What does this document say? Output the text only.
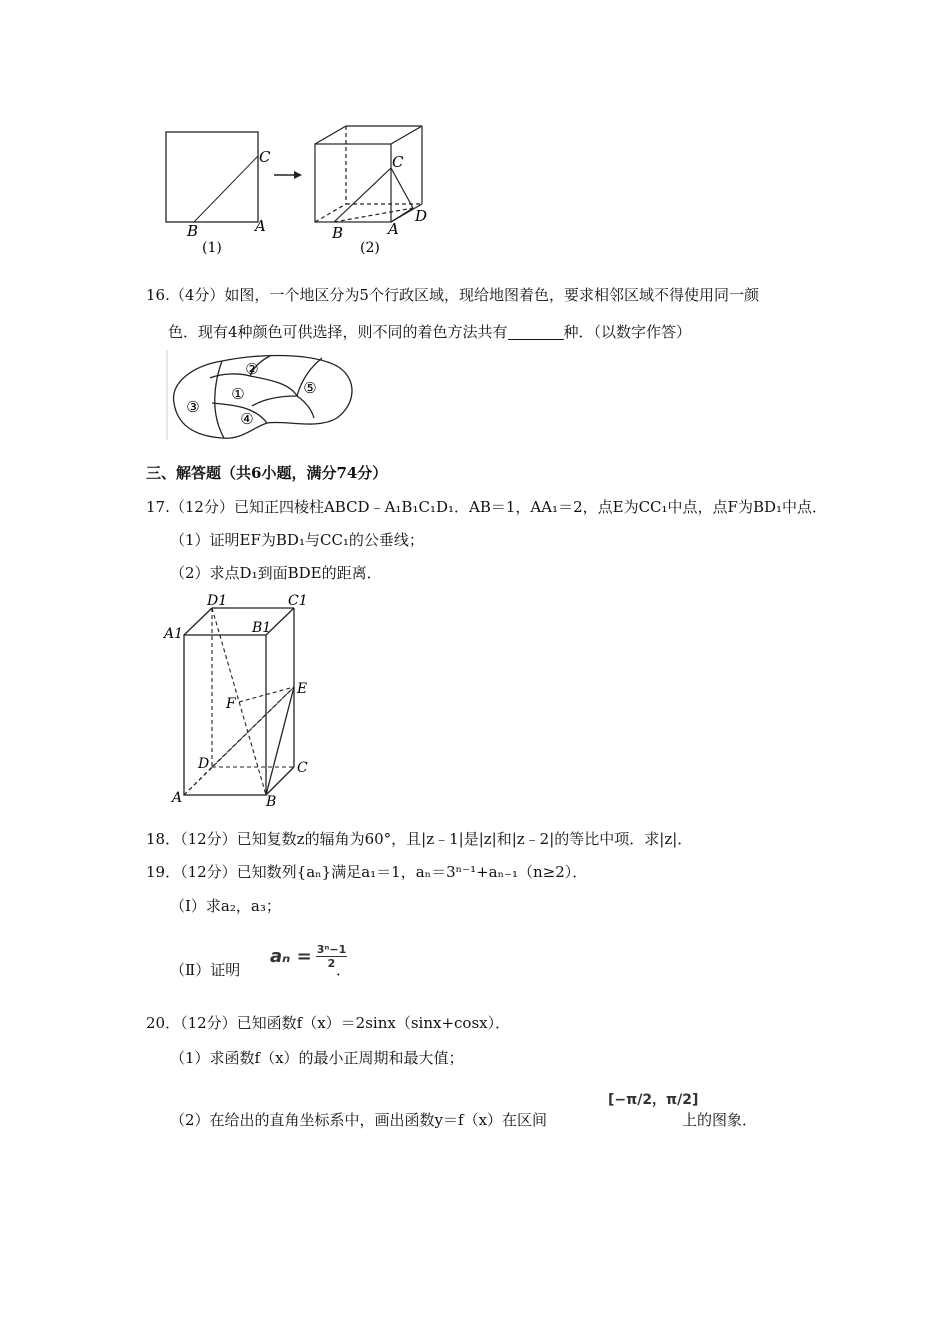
C
B	A
(1)
C
B	A
D
(2)
16.（4分）如图，一个地区分为5个行政区域，现给地图着色，要求相邻区域不得使用同一颜
色．现有4种颜色可供选择，则不同的着色方法共有	种．（以数字作答）
②
①	⑤
③
④
三、解答题（共6小题，满分74分）
17.（12分）已知正四棱柱ABCD﹣A₁B₁C₁D₁．AB＝1，AA₁＝2，点E为CC₁中点，点F为BD₁中点．
（1）证明EF为BD₁与CC₁的公垂线；
（2）求点D₁到面BDE的距离．
D1	C1
A1	B1
E
F
D	C
A	B
18．（12分）已知复数z的辐角为60°，且|z﹣1|是|z|和|z﹣2|的等比中项．求|z|．
19．（12分）已知数列{aₙ}满足a₁＝1，aₙ＝3ⁿ⁻¹+aₙ₋₁（n≥2）．
（Ⅰ）求a₂，a₃；
（Ⅱ）证明
$a_n = \frac{\text{3ⁿ−1}}{2}$
．
20．（12分）已知函数f（x）＝2sinx（sinx+cosx）．
（1）求函数f（x）的最小正周期和最大值；
（2）在给出的直角坐标系中，画出函数y＝f（x）在区间
[−π/2，π/2]
上的图象．
